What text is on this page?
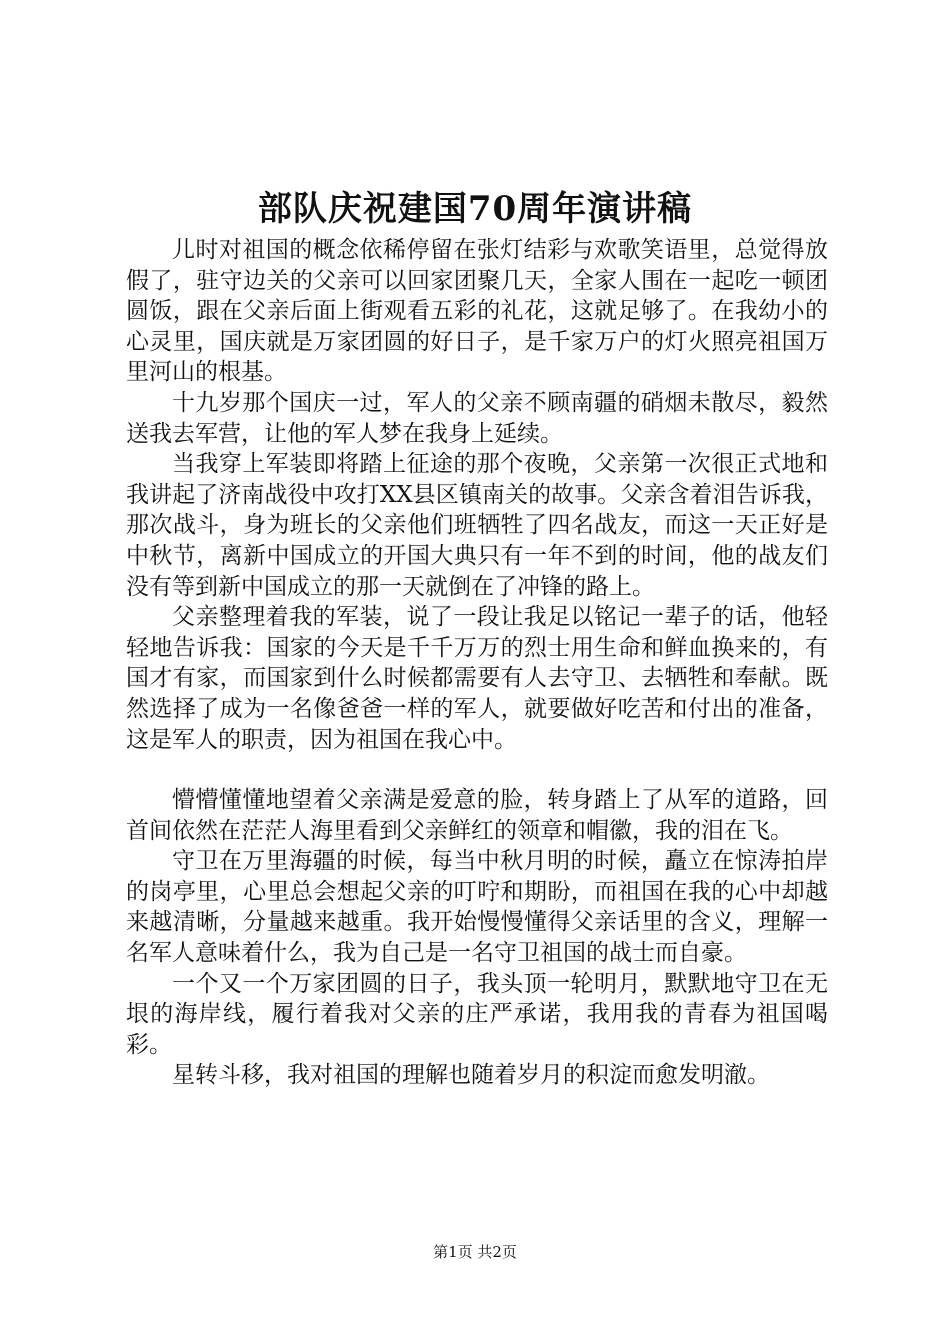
部队庆祝建国70周年演讲稿

儿时对祖国的概念依稀停留在张灯结彩与欢歌笑语里，总觉得放假了，驻守边关的父亲可以回家团聚几天，全家人围在一起吃一顿团圆饭，跟在父亲后面上街观看五彩的礼花，这就足够了。在我幼小的心灵里，国庆就是万家团圆的好日子，是千家万户的灯火照亮祖国万里河山的根基。

十九岁那个国庆一过，军人的父亲不顾南疆的硝烟未散尽，毅然送我去军营，让他的军人梦在我身上延续。

当我穿上军装即将踏上征途的那个夜晚，父亲第一次很正式地和我讲起了济南战役中攻打XX县区镇南关的故事。父亲含着泪告诉我，那次战斗，身为班长的父亲他们班牺牲了四名战友，而这一天正好是中秋节，离新中国成立的开国大典只有一年不到的时间，他的战友们没有等到新中国成立的那一天就倒在了冲锋的路上。

父亲整理着我的军装，说了一段让我足以铭记一辈子的话，他轻轻地告诉我：国家的今天是千千万万的烈士用生命和鲜血换来的，有国才有家，而国家到什么时候都需要有人去守卫、去牺牲和奉献。既然选择了成为一名像爸爸一样的军人，就要做好吃苦和付出的准备，这是军人的职责，因为祖国在我心中。

懵懵懂懂地望着父亲满是爱意的脸，转身踏上了从军的道路，回首间依然在茫茫人海里看到父亲鲜红的领章和帽徽，我的泪在飞。

守卫在万里海疆的时候，每当中秋月明的时候，矗立在惊涛拍岸的岗亭里，心里总会想起父亲的叮咛和期盼，而祖国在我的心中却越来越清晰，分量越来越重。我开始慢慢懂得父亲话里的含义，理解一名军人意味着什么，我为自己是一名守卫祖国的战士而自豪。

一个又一个万家团圆的日子，我头顶一轮明月，默默地守卫在无垠的海岸线，履行着我对父亲的庄严承诺，我用我的青春为祖国喝彩。

星转斗移，我对祖国的理解也随着岁月的积淀而愈发明澈。

第1页 共2页
